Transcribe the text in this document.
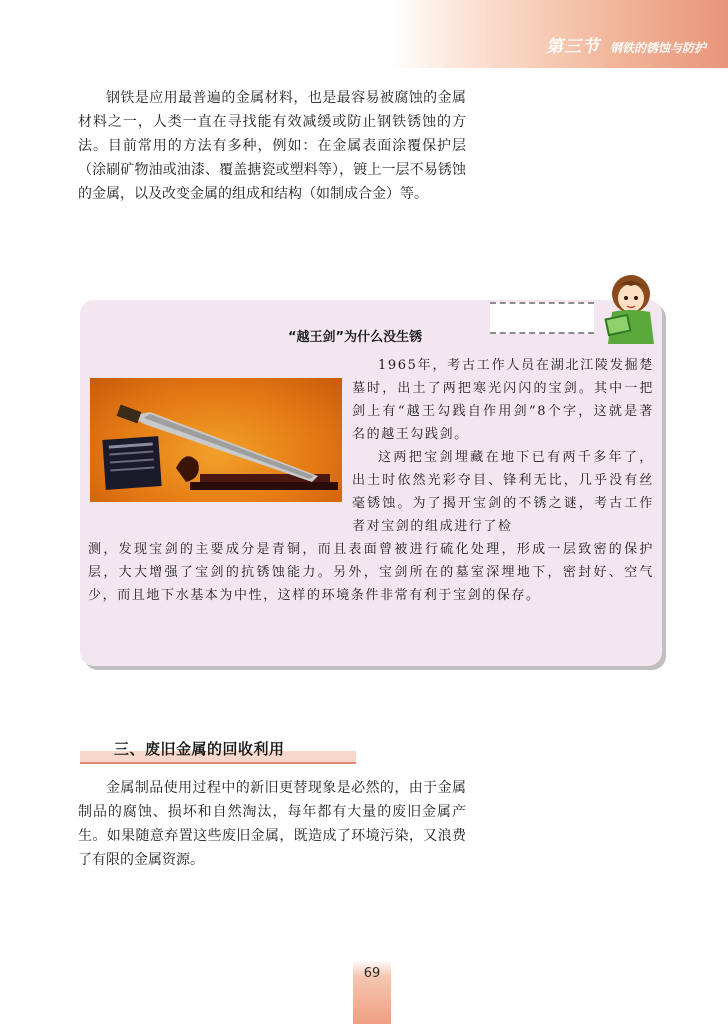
第三节 钢铁的锈蚀与防护

钢铁是应用最普遍的金属材料，也是最容易被腐蚀的金属材料之一，人类一直在寻找能有效减缓或防止钢铁锈蚀的方法。目前常用的方法有多种，例如：在金属表面涂覆保护层（涂刷矿物油或油漆、覆盖搪瓷或塑料等），镀上一层不易锈蚀的金属，以及改变金属的组成和结构（如制成合金）等。

“越王剑”为什么没生锈

1965年，考古工作人员在湖北江陵发掘楚墓时，出土了两把寒光闪闪的宝剑。其中一把剑上有“越王勾践自作用剑”8个字，这就是著名的越王勾践剑。

这两把宝剑埋藏在地下已有两千多年了，出土时依然光彩夺目、锋利无比，几乎没有丝毫锈蚀。为了揭开宝剑的不锈之谜，考古工作者对宝剑的组成进行了检

测，发现宝剑的主要成分是青铜，而且表面曾被进行硫化处理，形成一层致密的保护层，大大增强了宝剑的抗锈蚀能力。另外，宝剑所在的墓室深埋地下，密封好、空气少，而且地下水基本为中性，这样的环境条件非常有利于宝剑的保存。

三、废旧金属的回收利用

金属制品使用过程中的新旧更替现象是必然的，由于金属制品的腐蚀、损坏和自然淘汰，每年都有大量的废旧金属产生。如果随意弃置这些废旧金属，既造成了环境污染，又浪费了有限的金属资源。

69
